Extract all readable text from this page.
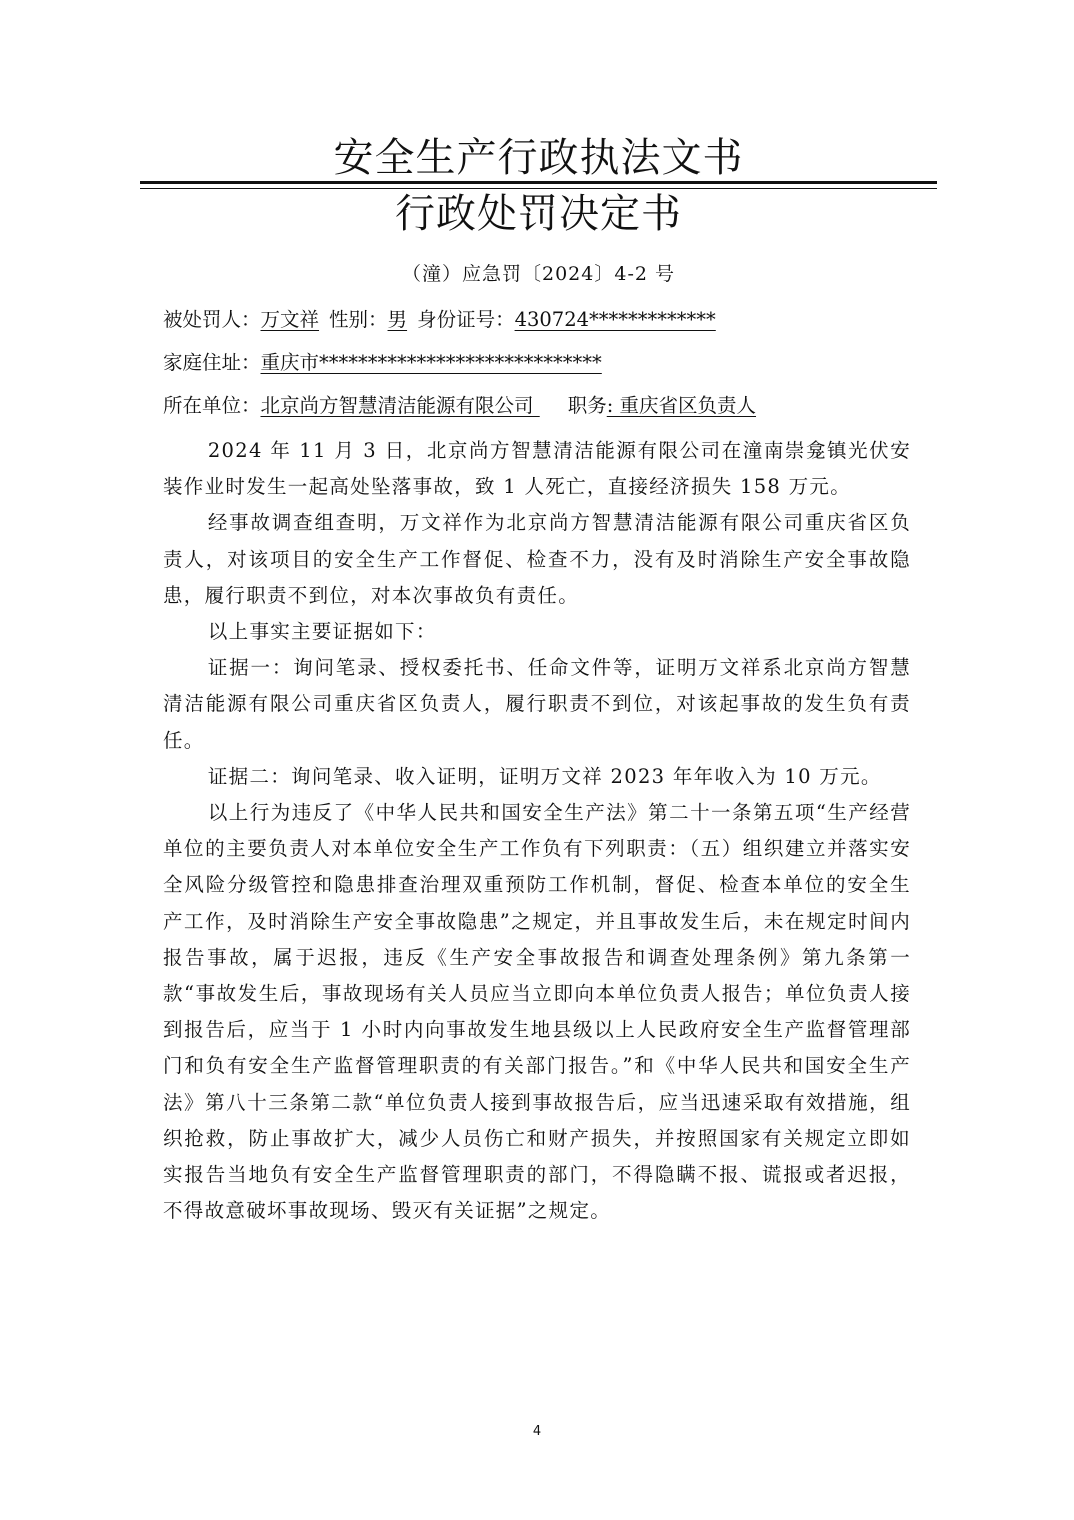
安全生产行政执法文书
行政处罚决定书
（潼）应急罚〔2024〕4-2 号
被处罚人：万文祥 性别：男 身份证号：430724*************
家庭住址：重庆市*****************************
所在单位：北京尚方智慧清洁能源有限公司 职务: 重庆省区负责人

2024 年 11 月 3 日，北京尚方智慧清洁能源有限公司在潼南崇龛镇光伏安装作业时发生一起高处坠落事故，致 1 人死亡，直接经济损失 158 万元。

经事故调查组查明，万文祥作为北京尚方智慧清洁能源有限公司重庆省区负责人，对该项目的安全生产工作督促、检查不力，没有及时消除生产安全事故隐患，履行职责不到位，对本次事故负有责任。

以上事实主要证据如下：

证据一：询问笔录、授权委托书、任命文件等，证明万文祥系北京尚方智慧清洁能源有限公司重庆省区负责人，履行职责不到位，对该起事故的发生负有责任。

证据二：询问笔录、收入证明，证明万文祥 2023 年年收入为 10 万元。

以上行为违反了《中华人民共和国安全生产法》第二十一条第五项“生产经营单位的主要负责人对本单位安全生产工作负有下列职责：（五）组织建立并落实安全风险分级管控和隐患排查治理双重预防工作机制，督促、检查本单位的安全生产工作，及时消除生产安全事故隐患”之规定，并且事故发生后，未在规定时间内报告事故，属于迟报，违反《生产安全事故报告和调查处理条例》第九条第一款“事故发生后，事故现场有关人员应当立即向本单位负责人报告；单位负责人接到报告后，应当于 1 小时内向事故发生地县级以上人民政府安全生产监督管理部门和负有安全生产监督管理职责的有关部门报告。”和《中华人民共和国安全生产法》第八十三条第二款“单位负责人接到事故报告后，应当迅速采取有效措施，组织抢救，防止事故扩大，减少人员伤亡和财产损失，并按照国家有关规定立即如实报告当地负有安全生产监督管理职责的部门，不得隐瞒不报、谎报或者迟报，不得故意破坏事故现场、毁灭有关证据”之规定。

4
